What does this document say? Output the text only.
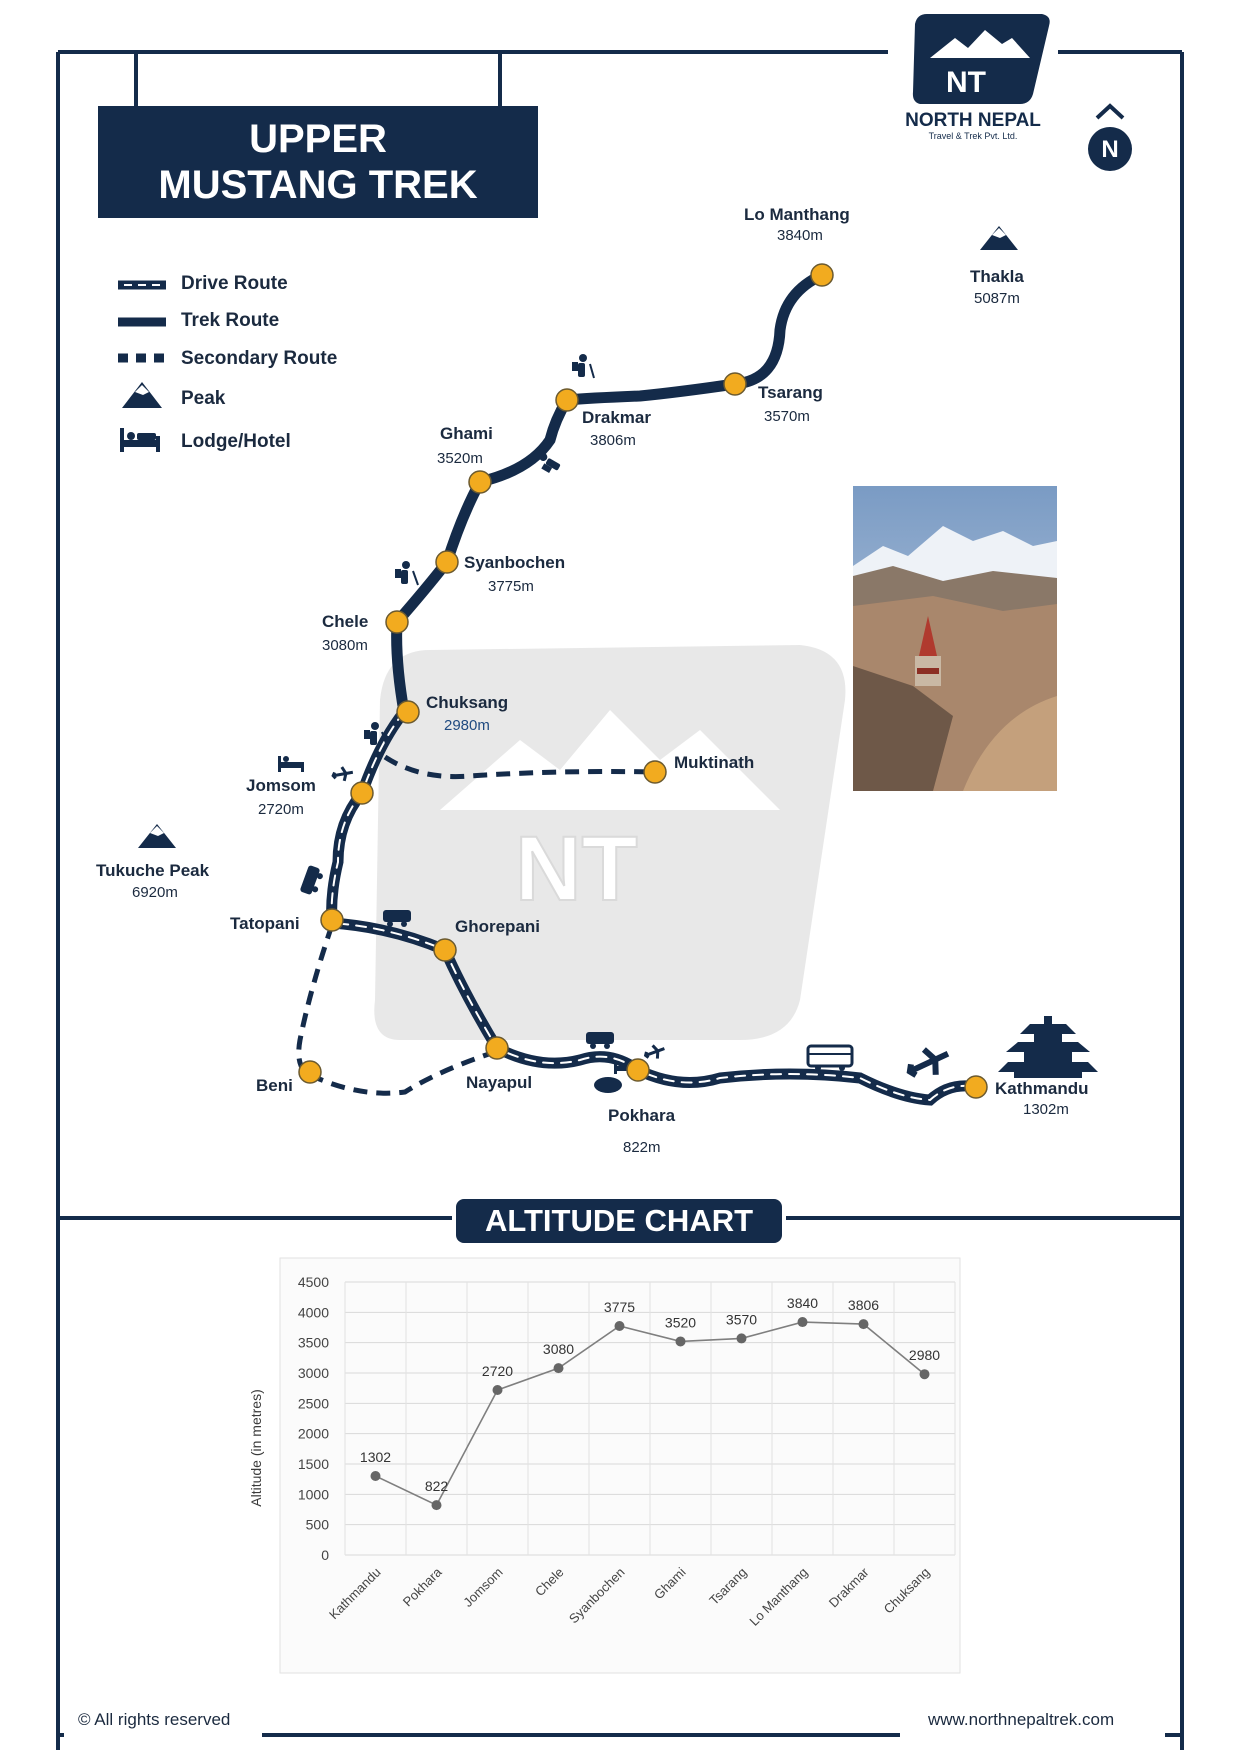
NT
NT
0
500
1000
1500
2000
2500
3000
3500
4000
4500
1302
Kathmandu
822
Pokhara
2720
Jomsom
3080
Chele
3775
Syanbochen
3520
Ghami
3570
Tsarang
3840
Lo Manthang
3806
Drakmar
2980
Chuksang
UPPER
MUSTANG TREK
NORTH NEPAL
Travel & Trek Pvt. Ltd.	N
Drive Route
Trek Route
Secondary Route
Peak
Lodge/Hotel
Lo Manthang
3840m
Tsarang
3570m
Drakmar
3806m
Ghami
3520m
Syanbochen
3775m
Chele
3080m
Chuksang
2980m
Muktinath
Jomsom
2720m
Tatopani	Ghorepani
Nayapul
Beni
Pokhara
822m
Kathmandu
1302m
Thakla
5087m
Tukuche Peak
6920m
ALTITUDE CHART
Altitude (in metres)
© All rights reserved	www.northnepaltrek.com
